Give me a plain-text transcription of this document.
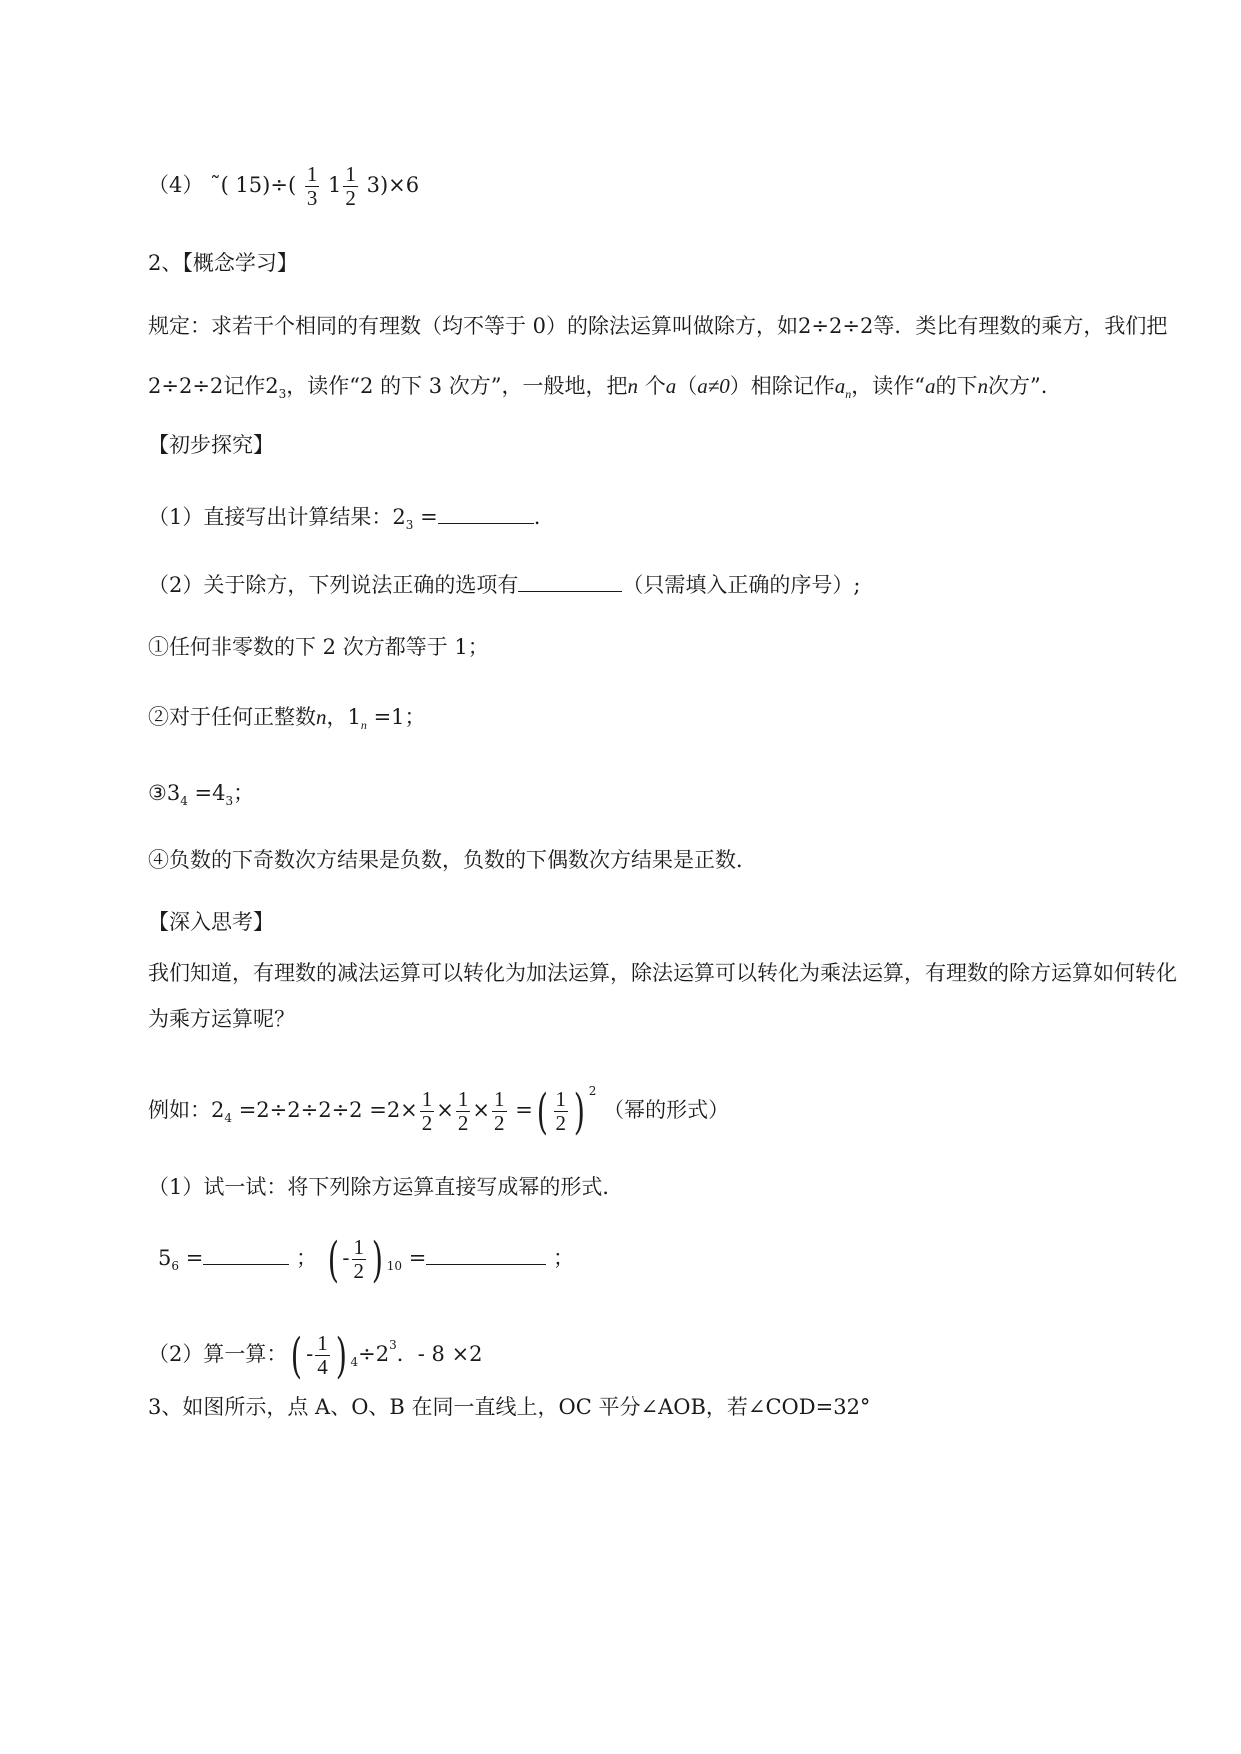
（4） ˜( $15)\div( \frac{1}{3} 1 \frac{1}{2} 3)\times 6$
2、【概念学习】
规定：求若干个相同的有理数（均不等于 0）的除法运算叫做除方，如2÷2÷2等．类比有理数的乘方，我们把2÷2÷2记作$2_3$，读作“2 的下 3 次方”，一般地，把n 个a（a≠0）相除记作$a_n$，读作“a的下n次方”.
【初步探究】
（1）直接写出计算结果：$2_3$ =	.
（2）关于除方，下列说法正确的选项有	（只需填入正确的序号）;
①任何非零数的下 2 次方都等于 1；
②对于任何正整数n，$1_n =1$；
$③3_4 =4_3$；
④负数的下奇数次方结果是负数，负数的下偶数次方结果是正数．
【深入思考】
我们知道，有理数的减法运算可以转化为加法运算，除法运算可以转化为乘法运算，有理数的除方运算如何转化为乘方运算呢？
例如：$2_4 =2\div 2\div 2\div 2 =2\times \frac{1}{2} \times \frac{1}{2} \times \frac{1}{2}$ =( $\frac{1}{2}$ ) $^2$ （幂的形式）
（1）试一试：将下列除方运算直接写成幂的形式．
$5_6$ =	； ( - $\frac{1}{2}$ ) $_{10}$ =	；
（2）算一算：( - $\frac{1}{4}$ ) $_4\div 2^3$．- 8 ×2
3、如图所示，点 A、O、B 在同一直线上，OC 平分∠AOB，若∠COD=32°
